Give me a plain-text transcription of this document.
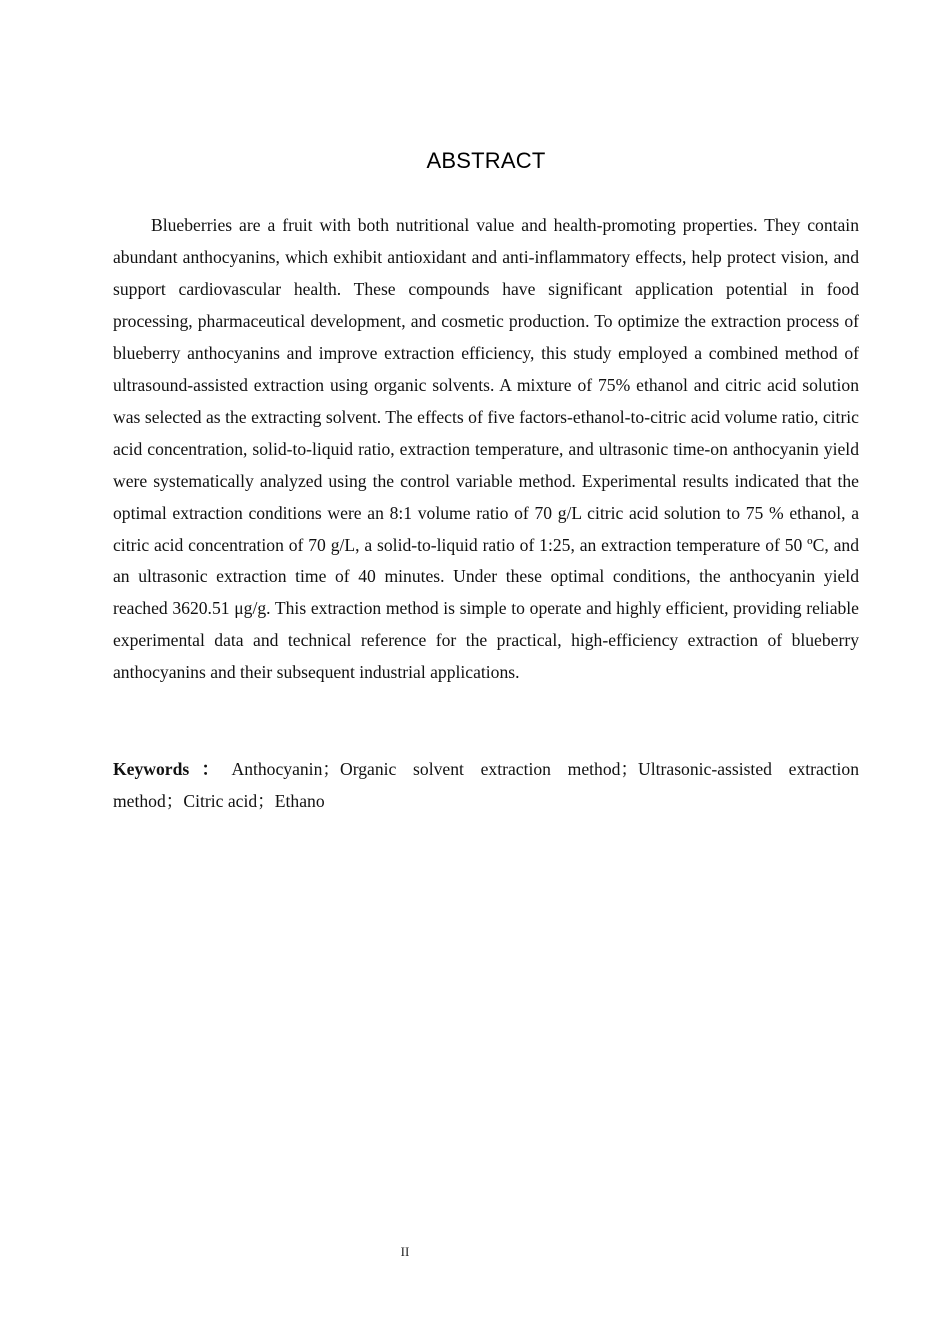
ABSTRACT

Blueberries are a fruit with both nutritional value and health-promoting properties. They contain abundant anthocyanins, which exhibit antioxidant and anti-inflammatory effects, help protect vision, and support cardiovascular health. These compounds have significant application potential in food processing, pharmaceutical development, and cosmetic production. To optimize the extraction process of blueberry anthocyanins and improve extraction efficiency, this study employed a combined method of ultrasound-assisted extraction using organic solvents. A mixture of 75% ethanol and citric acid solution was selected as the extracting solvent. The effects of five factors-ethanol-to-citric acid volume ratio, citric acid concentration, solid-to-liquid ratio, extraction temperature, and ultrasonic time-on anthocyanin yield were systematically analyzed using the control variable method. Experimental results indicated that the optimal extraction conditions were an 8:1 volume ratio of 70 g/L citric acid solution to 75 % ethanol, a citric acid concentration of 70 g/L, a solid-to-liquid ratio of 1:25, an extraction temperature of 50 ºC, and an ultrasonic extraction time of 40 minutes. Under these optimal conditions, the anthocyanin yield reached 3620.51 μg/g. This extraction method is simple to operate and highly efficient, providing reliable experimental data and technical reference for the practical, high-efficiency extraction of blueberry anthocyanins and their subsequent industrial applications.

Keywords：Anthocyanin；Organic solvent extraction method；Ultrasonic-assisted extraction method；Citric acid；Ethano

II
